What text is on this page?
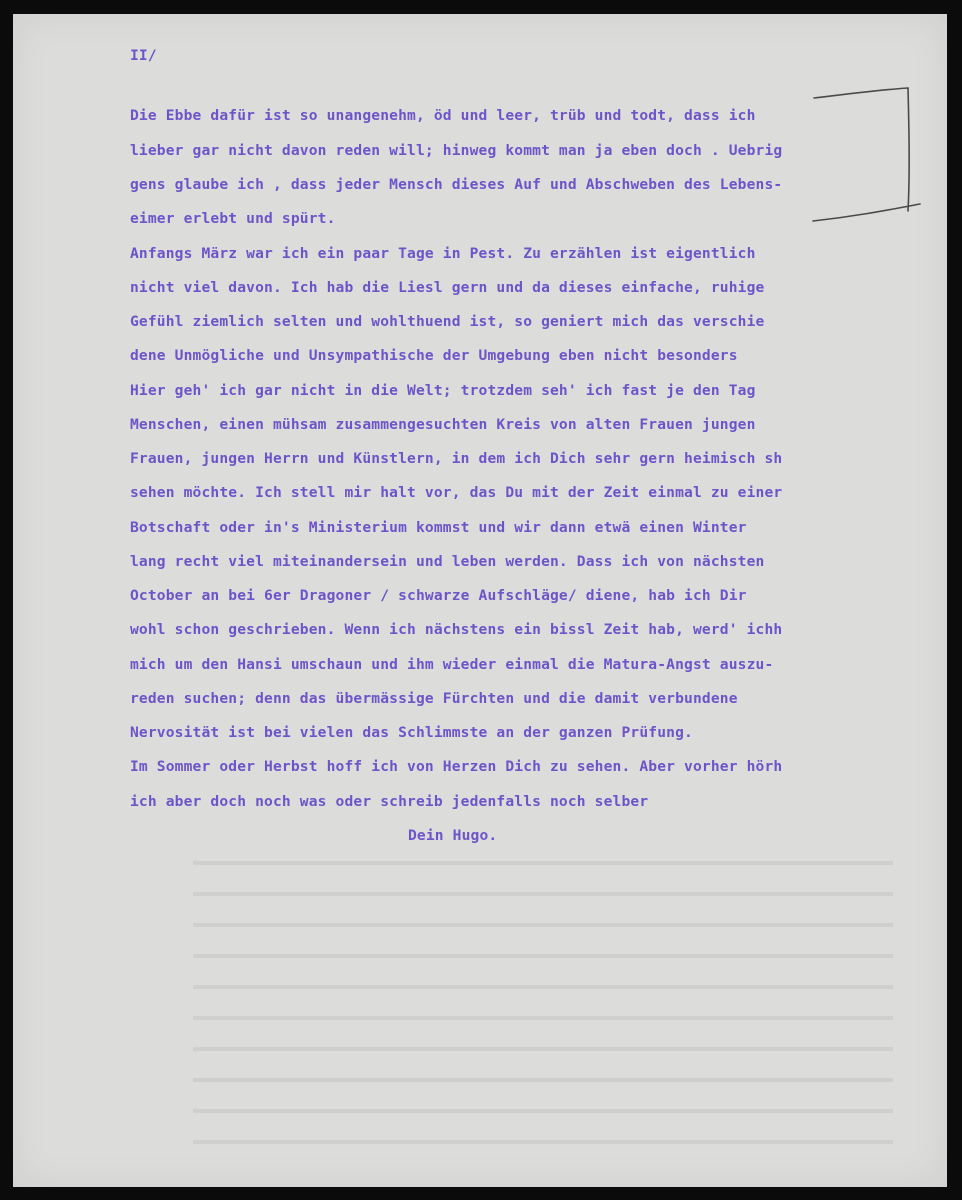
II/
Die Ebbe dafür ist so unangenehm, öd und leer, trüb und todt, dass ich
lieber gar nicht davon reden will; hinweg kommt man ja eben doch . Uebrig
gens glaube ich , dass jeder Mensch dieses Auf und Abschweben des Lebens-
eimer erlebt und spürt.
Anfangs März war ich ein paar Tage in Pest. Zu erzählen ist eigentlich
nicht viel davon. Ich hab die Liesl gern und da dieses einfache, ruhige
Gefühl ziemlich selten und wohlthuend ist, so geniert mich das verschie
dene Unmögliche und Unsympathische der Umgebung eben nicht besonders
Hier geh' ich gar nicht in die Welt; trotzdem seh' ich fast je den Tag
Menschen, einen mühsam zusammengesuchten Kreis von alten Frauen jungen
Frauen, jungen Herrn und Künstlern, in dem ich Dich sehr gern heimisch sh
sehen möchte. Ich stell mir halt vor, das Du mit der Zeit einmal zu einer
Botschaft oder in's Ministerium kommst und wir dann etwä einen Winter
lang recht viel miteinandersein und leben werden. Dass ich von nächsten
October an bei 6er Dragoner / schwarze Aufschläge/ diene, hab ich Dir
wohl schon geschrieben. Wenn ich nächstens ein bissl Zeit hab, werd' ichh
mich um den Hansi umschaun und ihm wieder einmal die Matura-Angst auszu-
reden suchen; denn das übermässige Fürchten und die damit verbundene
Nervosität ist bei vielen das Schlimmste an der ganzen Prüfung.
Im Sommer oder Herbst hoff ich von Herzen Dich zu sehen. Aber vorher hörh
ich aber doch noch was oder schreib jedenfalls noch selber
Dein Hugo.
